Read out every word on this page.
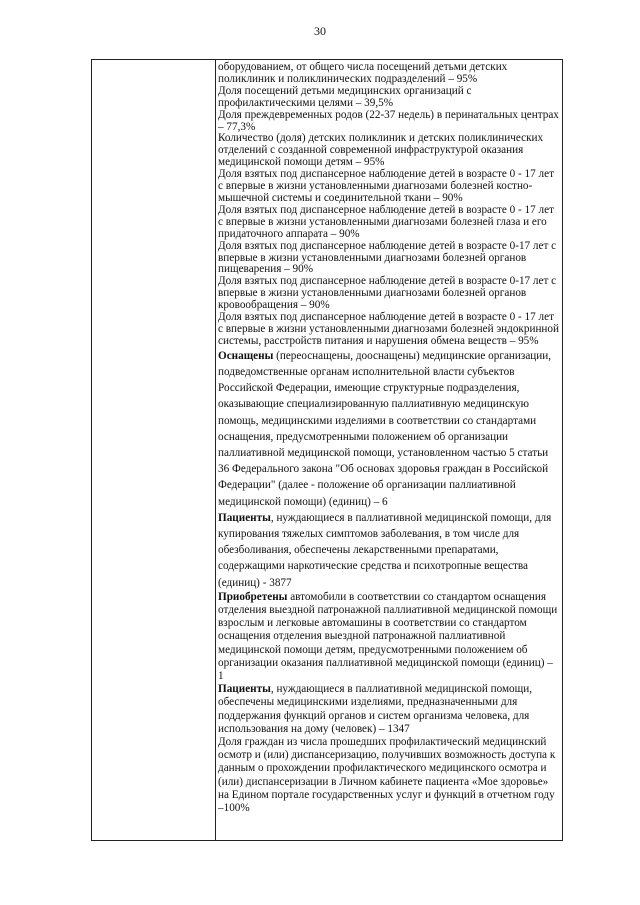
30

оборудованием, от общего числа посещений детьми детских поликлиник и поликлинических подразделений – 95%

Доля посещений детьми медицинских организаций с профилактическими целями – 39,5%

Доля преждевременных родов (22-37 недель) в перинатальных центрах – 77,3%

Количество (доля) детских поликлиник и детских поликлинических отделений с созданной современной инфраструктурой оказания медицинской помощи детям – 95%

Доля взятых под диспансерное наблюдение детей в возрасте 0 - 17 лет с впервые в жизни установленными диагнозами болезней костно-мышечной системы и соединительной ткани – 90%

Доля взятых под диспансерное наблюдение детей в возрасте 0 - 17 лет с впервые в жизни установленными диагнозами болезней глаза и его придаточного аппарата – 90%

Доля взятых под диспансерное наблюдение детей в возрасте 0-17 лет с впервые в жизни установленными диагнозами болезней органов пищеварения – 90%

Доля взятых под диспансерное наблюдение детей в возрасте 0-17 лет с впервые в жизни установленными диагнозами болезней органов кровообращения – 90%

Доля взятых под диспансерное наблюдение детей в возрасте 0 - 17 лет с впервые в жизни установленными диагнозами болезней эндокринной системы, расстройств питания и нарушения обмена веществ – 95%

Оснащены (переоснащены, дооснащены) медицинские организации, подведомственные органам исполнительной власти субъектов Российской Федерации, имеющие структурные подразделения, оказывающие специализированную паллиативную медицинскую помощь, медицинскими изделиями в соответствии со стандартами оснащения, предусмотренными положением об организации паллиативной медицинской помощи, установленном частью 5 статьи 36 Федерального закона "Об основах здоровья граждан в Российской Федерации" (далее - положение об организации паллиативной медицинской помощи) (единиц) – 6

Пациенты, нуждающиеся в паллиативной медицинской помощи, для купирования тяжелых симптомов заболевания, в том числе для обезболивания, обеспечены лекарственными препаратами, содержащими наркотические средства и психотропные вещества (единиц) - 3877

Приобретены автомобили в соответствии со стандартом оснащения отделения выездной патронажной паллиативной медицинской помощи взрослым и легковые автомашины в соответствии со стандартом оснащения отделения выездной патронажной паллиативной медицинской помощи детям, предусмотренными положением об организации оказания паллиативной медицинской помощи (единиц) – 1

Пациенты, нуждающиеся в паллиативной медицинской помощи, обеспечены медицинскими изделиями, предназначенными для поддержания функций органов и систем организма человека, для использования на дому (человек) – 1347

Доля граждан из числа прошедших профилактический медицинский осмотр и (или) диспансеризацию, получивших возможность доступа к данным о прохождении профилактического медицинского осмотра и (или) диспансеризации в Личном кабинете пациента «Мое здоровье» на Едином портале государственных услуг и функций в отчетном году –100%
